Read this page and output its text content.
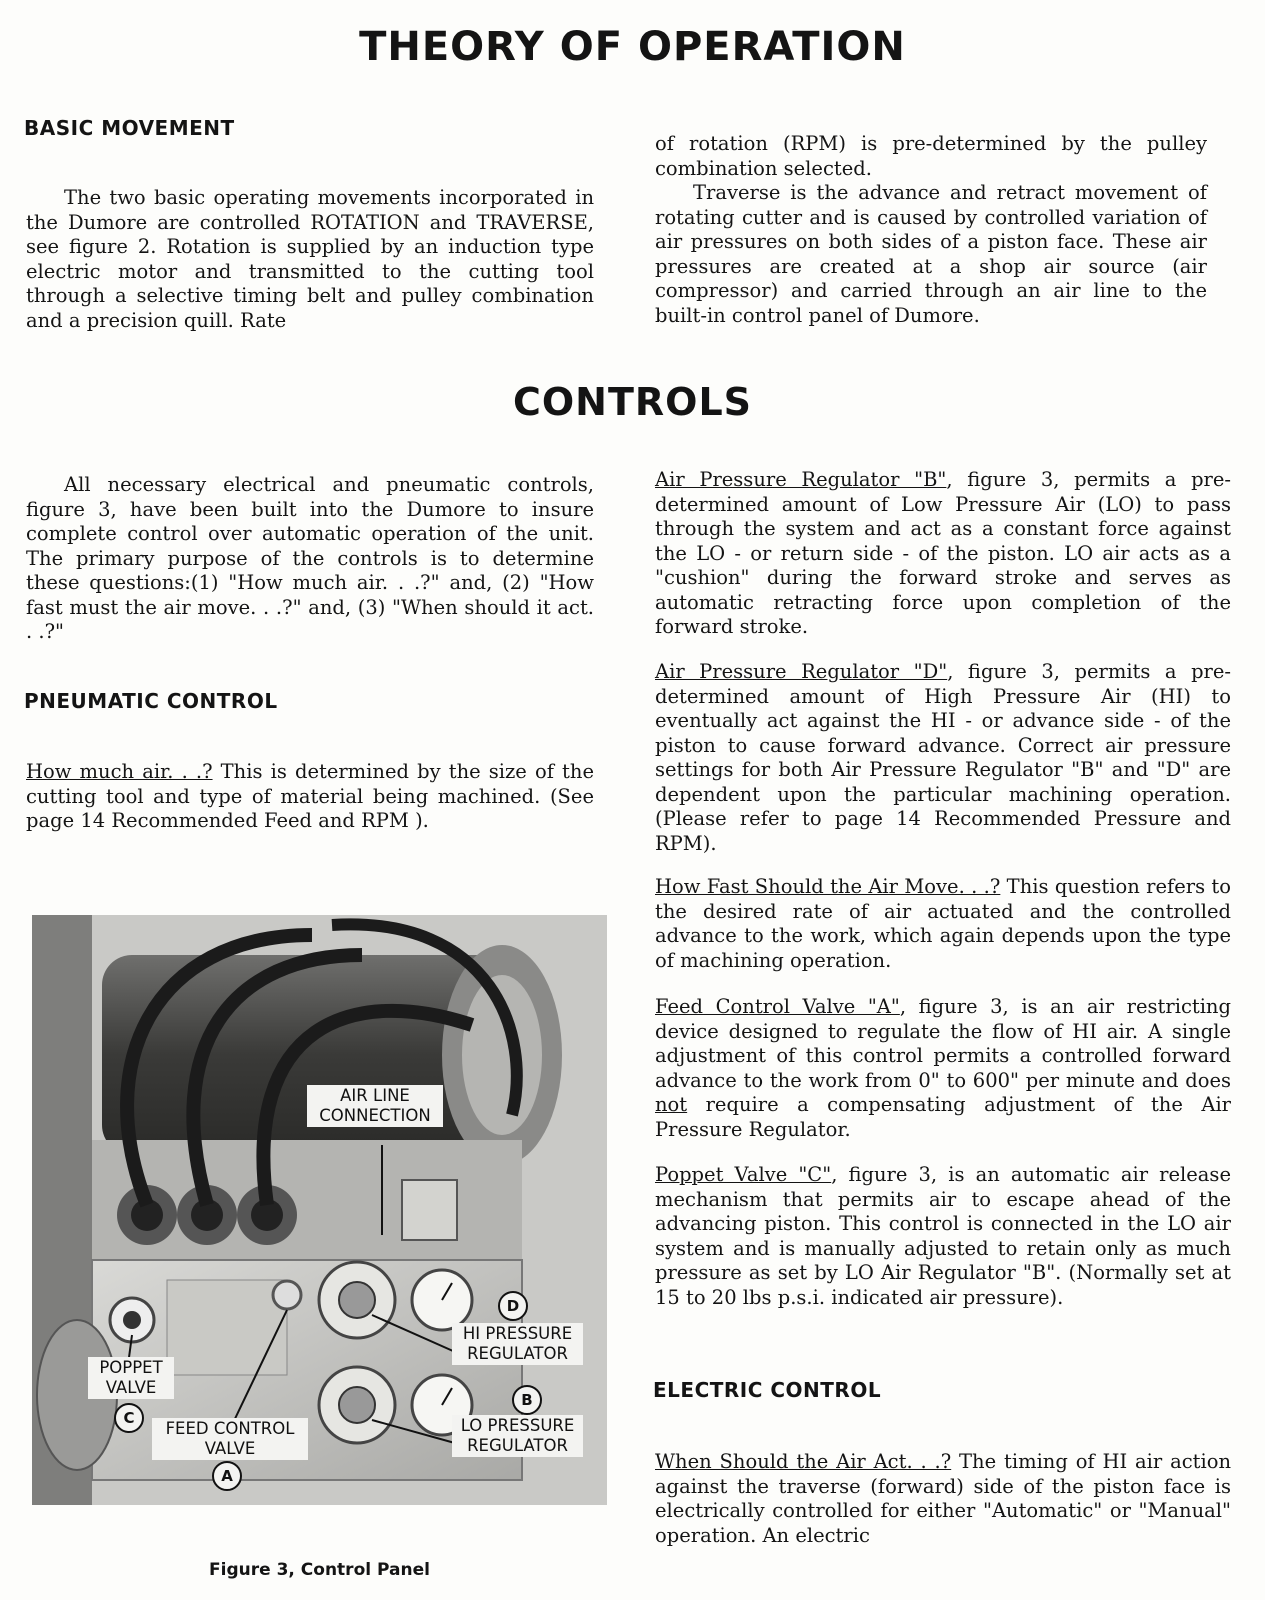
THEORY OF OPERATION
BASIC MOVEMENT

The two basic operating movements incorporated in the Dumore are controlled ROTATION and TRAVERSE, see figure 2. Rotation is supplied by an induction type electric motor and transmitted to the cutting tool through a selective timing belt and pulley combination and a precision quill. Rate

of rotation (RPM) is pre-determined by the pulley combination selected.

Traverse is the advance and retract movement of rotating cutter and is caused by controlled variation of air pressures on both sides of a piston face. These air pressures are created at a shop air source (air compressor) and carried through an air line to the built-in control panel of Dumore.

CONTROLS

All necessary electrical and pneumatic controls, figure 3, have been built into the Dumore to insure complete control over automatic operation of the unit. The primary purpose of the controls is to determine these questions:(1) "How much air. . .?" and, (2) "How fast must the air move. . .?" and, (3) "When should it act. . .?"

PNEUMATIC CONTROL

How much air. . .? This is determined by the size of the cutting tool and type of material being machined. (See page 14 Recommended Feed and RPM ).

AIR LINE CONNECTION
HI PRESSURE REGULATOR
LO PRESSURE REGULATOR
POPPET VALVE
FEED CONTROL VALVE
D
B
C
A

Figure 3, Control Panel

Air Pressure Regulator "B", figure 3, permits a pre-determined amount of Low Pressure Air (LO) to pass through the system and act as a constant force against the LO - or return side - of the piston. LO air acts as a "cushion" during the forward stroke and serves as automatic retracting force upon completion of the forward stroke.

Air Pressure Regulator "D", figure 3, permits a pre-determined amount of High Pressure Air (HI) to eventually act against the HI - or advance side - of the piston to cause forward advance. Correct air pressure settings for both Air Pressure Regulator "B" and "D" are dependent upon the particular machining operation. (Please refer to page 14 Recommended Pressure and RPM).

How Fast Should the Air Move. . .? This question refers to the desired rate of air actuated and the controlled advance to the work, which again depends upon the type of machining operation.

Feed Control Valve "A", figure 3, is an air restricting device designed to regulate the flow of HI air. A single adjustment of this control permits a controlled forward advance to the work from 0" to 600" per minute and does not require a compensating adjustment of the Air Pressure Regulator.

Poppet Valve "C", figure 3, is an automatic air release mechanism that permits air to escape ahead of the advancing piston. This control is connected in the LO air system and is manually adjusted to retain only as much pressure as set by LO Air Regulator "B". (Normally set at 15 to 20 lbs p.s.i. indicated air pressure).

ELECTRIC CONTROL

When Should the Air Act. . .? The timing of HI air action against the traverse (forward) side of the piston face is electrically controlled for either "Automatic" or "Manual" operation. An electric
